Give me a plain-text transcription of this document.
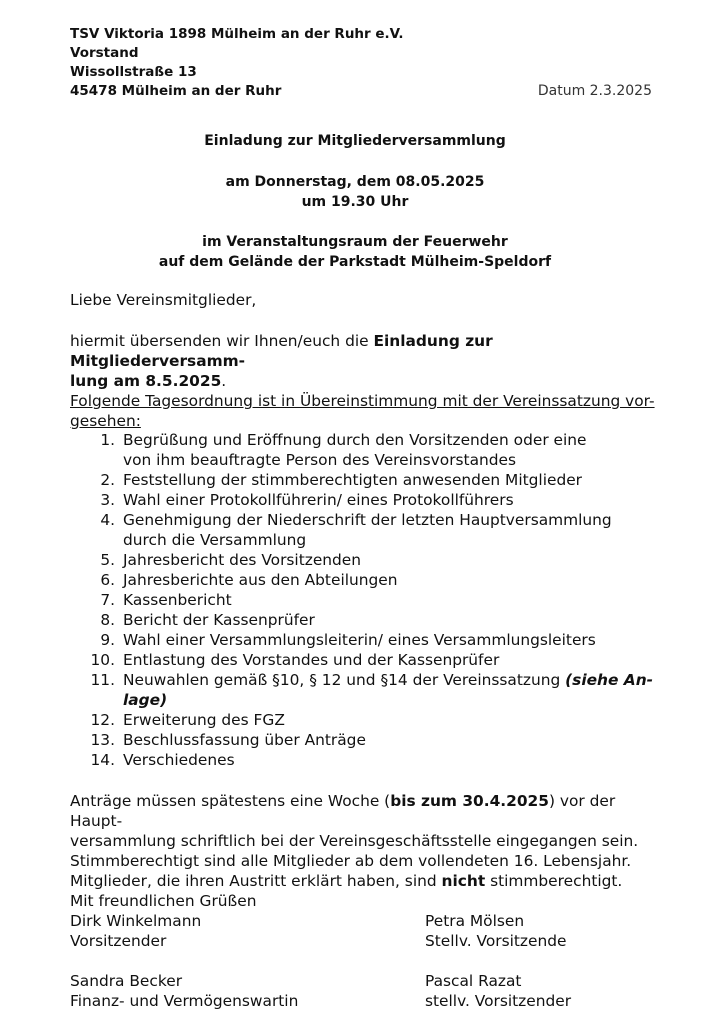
TSV Viktoria 1898 Mülheim an der Ruhr e.V.
Vorstand
Wissollstraße 13
45478 Mülheim an der Ruhr	Datum 2.3.2025
Einladung zur Mitgliederversammlung
am Donnerstag, dem 08.05.2025
um 19.30 Uhr
im Veranstaltungsraum der Feuerwehr
auf dem Gelände der Parkstadt Mülheim-Speldorf
Liebe Vereinsmitglieder,
hiermit übersenden wir Ihnen/euch die Einladung zur Mitgliederversamm-
lung am 8.5.2025.
Folgende Tagesordnung ist in Übereinstimmung mit der Vereinssatzung vor-
gesehen:
1. Begrüßung und Eröffnung durch den Vorsitzenden oder eine
von ihm beauftragte Person des Vereinsvorstandes
2. Feststellung der stimmberechtigten anwesenden Mitglieder
3. Wahl einer Protokollführerin/ eines Protokollführers
4. Genehmigung der Niederschrift der letzten Hauptversammlung
durch die Versammlung
5. Jahresbericht des Vorsitzenden
6. Jahresberichte aus den Abteilungen
7. Kassenbericht
8. Bericht der Kassenprüfer
9. Wahl einer Versammlungsleiterin/ eines Versammlungsleiters
10. Entlastung des Vorstandes und der Kassenprüfer
11. Neuwahlen gemäß §10, § 12 und §14 der Vereinssatzung (siehe An-
lage)
12. Erweiterung des FGZ
13. Beschlussfassung über Anträge
14. Verschiedenes
Anträge müssen spätestens eine Woche (bis zum 30.4.2025) vor der Haupt-
versammlung schriftlich bei der Vereinsgeschäftsstelle eingegangen sein.
Stimmberechtigt sind alle Mitglieder ab dem vollendeten 16. Lebensjahr.
Mitglieder, die ihren Austritt erklärt haben, sind nicht stimmberechtigt.
Mit freundlichen Grüßen
Dirk Winkelmann
Vorsitzender
Petra Mölsen
Stellv. Vorsitzende
Sandra Becker
Finanz- und Vermögenswartin
Pascal Razat
stellv. Vorsitzender
